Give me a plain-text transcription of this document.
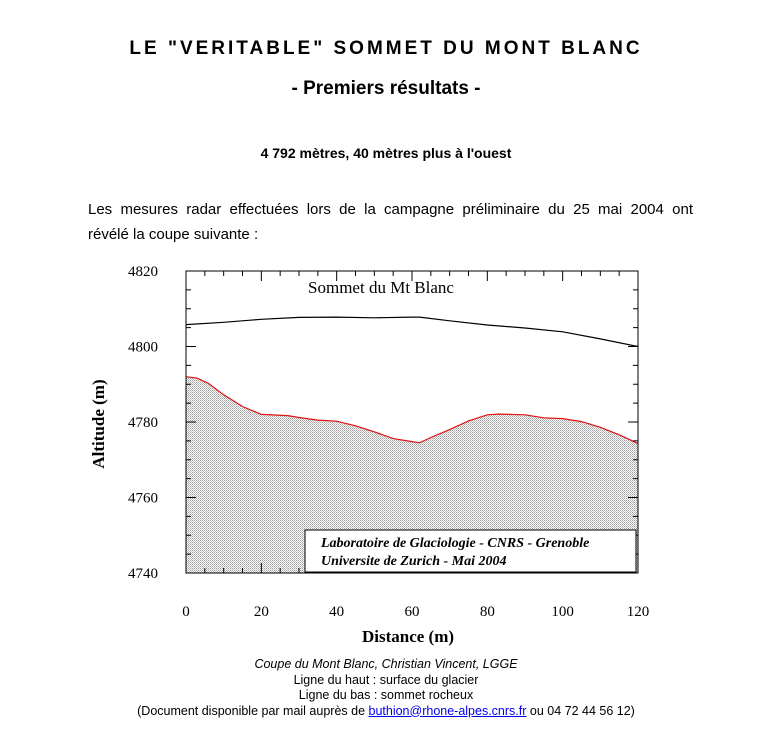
LE "VERITABLE" SOMMET DU MONT BLANC
- Premiers résultats -
4 792 mètres, 40 mètres plus à l'ouest
Les mesures radar effectuées lors de la campagne préliminaire du 25 mai 2004 ont
révélé la coupe suivante :
0	20	40	60	80	100	120
4740
4760
4780
4800
4820
Sommet du Mt Blanc
Laboratoire de Glaciologie - CNRS - Grenoble
Universite de Zurich - Mai 2004
Distance (m)
Altitude (m)
Coupe du Mont Blanc, Christian Vincent, LGGE
Ligne du haut : surface du glacier
Ligne du bas : sommet rocheux
(Document disponible par mail auprès de buthion@rhone-alpes.cnrs.fr ou 04 72 44 56 12)
